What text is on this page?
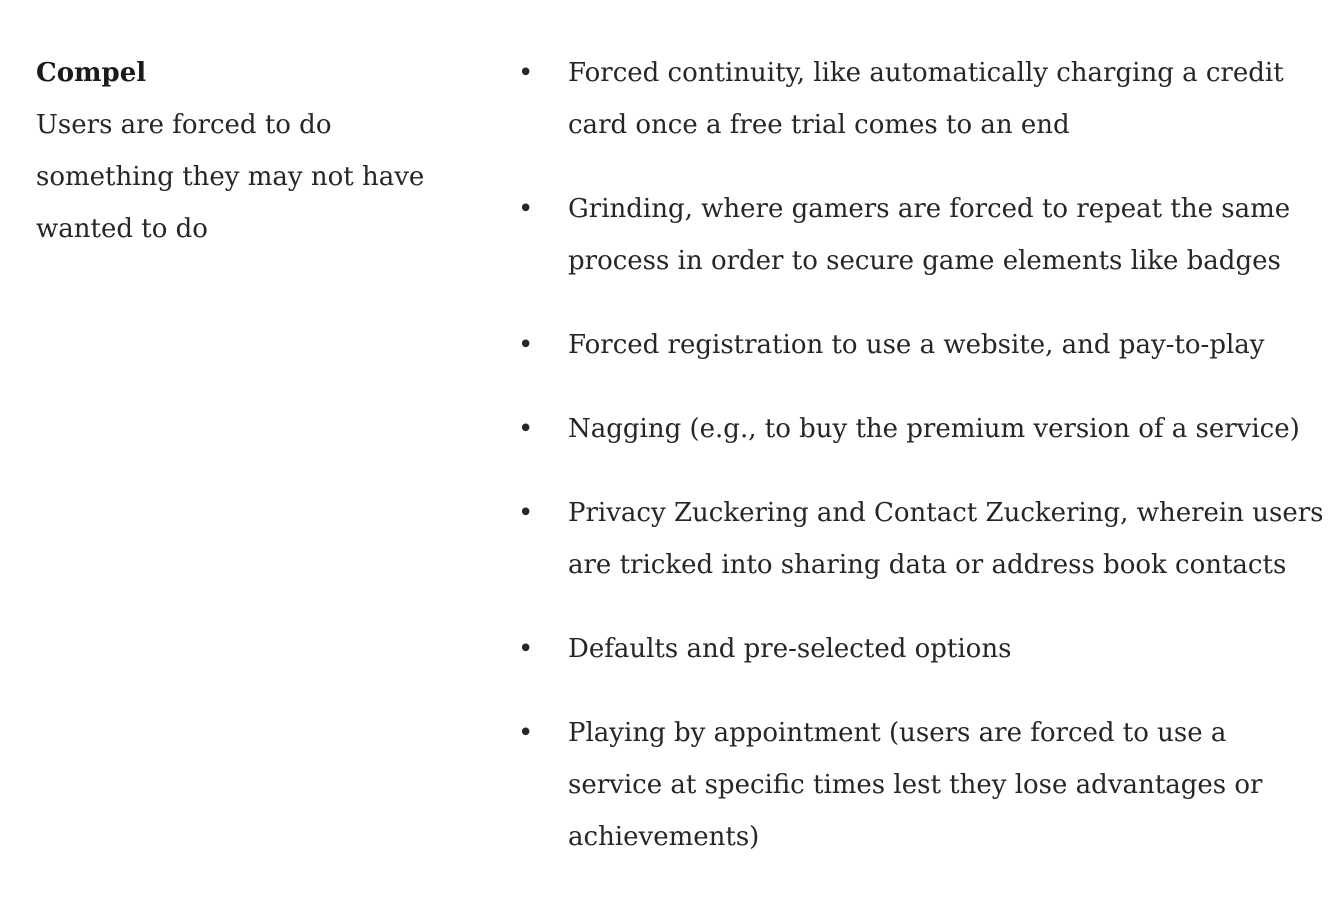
Compel

Users are forced to do something they may not have wanted to do

• Forced continuity, like automatically charging a credit card once a free trial comes to an end
• Grinding, where gamers are forced to repeat the same process in order to secure game elements like badges
• Forced registration to use a website, and pay-to-play
• Nagging (e.g., to buy the premium version of a service)
• Privacy Zuckering and Contact Zuckering, wherein users are tricked into sharing data or address book contacts
• Defaults and pre-selected options
• Playing by appointment (users are forced to use a service at specific times lest they lose advantages or achievements)
